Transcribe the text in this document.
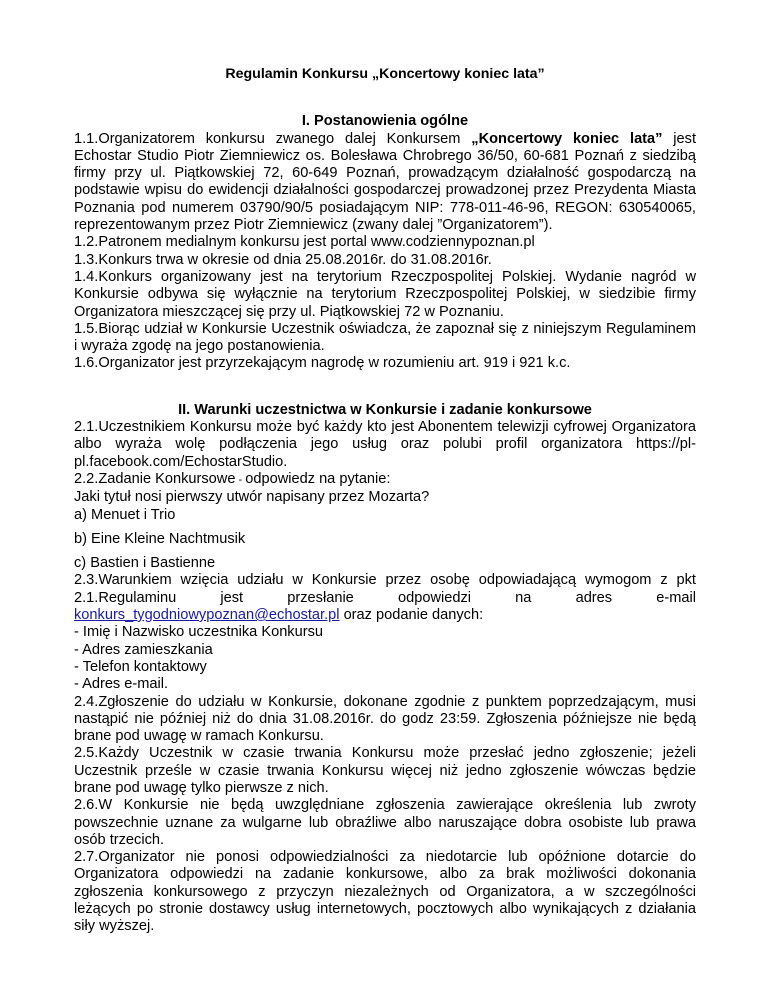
Regulamin Konkursu „Koncertowy koniec lata”

I. Postanowienia ogólne

1.1.Organizatorem konkursu zwanego dalej Konkursem „Koncertowy koniec lata” jest Echostar Studio Piotr Ziemniewicz os. Bolesława Chrobrego 36/50, 60-681 Poznań z siedzibą firmy przy ul. Piątkowskiej 72, 60-649 Poznań, prowadzącym działalność gospodarczą na podstawie wpisu do ewidencji działalności gospodarczej prowadzonej przez Prezydenta Miasta Poznania pod numerem 03790/90/5 posiadającym NIP: 778-011-46-96, REGON: 630540065, reprezentowanym przez Piotr Ziemniewicz (zwany dalej ”Organizatorem”).

1.2.Patronem medialnym konkursu jest portal www.codziennypoznan.pl

1.3.Konkurs trwa w okresie od dnia 25.08.2016r. do 31.08.2016r.

1.4.Konkurs organizowany jest na terytorium Rzeczpospolitej Polskiej. Wydanie nagród w Konkursie odbywa się wyłącznie na terytorium Rzeczpospolitej Polskiej, w siedzibie firmy Organizatora mieszczącej się przy ul. Piątkowskiej 72 w Poznaniu.

1.5.Biorąc udział w Konkursie Uczestnik oświadcza, że zapoznał się z niniejszym Regulaminem i wyraża zgodę na jego postanowienia.

1.6.Organizator jest przyrzekającym nagrodę w rozumieniu art. 919 i 921 k.c.

II. Warunki uczestnictwa w Konkursie i zadanie konkursowe

2.1.Uczestnikiem Konkursu może być każdy kto jest Abonentem telewizji cyfrowej Organizatora albo wyraża wolę podłączenia jego usług oraz polubi profil organizatora https://pl-pl.facebook.com/EchostarStudio.

2.2.Zadanie Konkursowe - odpowiedz na pytanie:

Jaki tytuł nosi pierwszy utwór napisany przez Mozarta?

a) Menuet i Trio

b) Eine Kleine Nachtmusik

c) Bastien i Bastienne

2.3.Warunkiem wzięcia udziału w Konkursie przez osobę odpowiadającą wymogom z pkt 2.1.Regulaminu jest przesłanie odpowiedzi na adres e-mail konkurs_tygodniowypoznan@echostar.pl oraz podanie danych:

- Imię i Nazwisko uczestnika Konkursu

- Adres zamieszkania

- Telefon kontaktowy

- Adres e-mail.

2.4.Zgłoszenie do udziału w Konkursie, dokonane zgodnie z punktem poprzedzającym, musi nastąpić nie później niż do dnia 31.08.2016r. do godz 23:59. Zgłoszenia późniejsze nie będą brane pod uwagę w ramach Konkursu.

2.5.Każdy Uczestnik w czasie trwania Konkursu może przesłać jedno zgłoszenie; jeżeli Uczestnik prześle w czasie trwania Konkursu więcej niż jedno zgłoszenie wówczas będzie brane pod uwagę tylko pierwsze z nich.

2.6.W Konkursie nie będą uwzględniane zgłoszenia zawierające określenia lub zwroty powszechnie uznane za wulgarne lub obraźliwe albo naruszające dobra osobiste lub prawa osób trzecich.

2.7.Organizator nie ponosi odpowiedzialności za niedotarcie lub opóźnione dotarcie do Organizatora odpowiedzi na zadanie konkursowe, albo za brak możliwości dokonania zgłoszenia konkursowego z przyczyn niezależnych od Organizatora, a w szczególności leżących po stronie dostawcy usług internetowych, pocztowych albo wynikających z działania siły wyższej.
